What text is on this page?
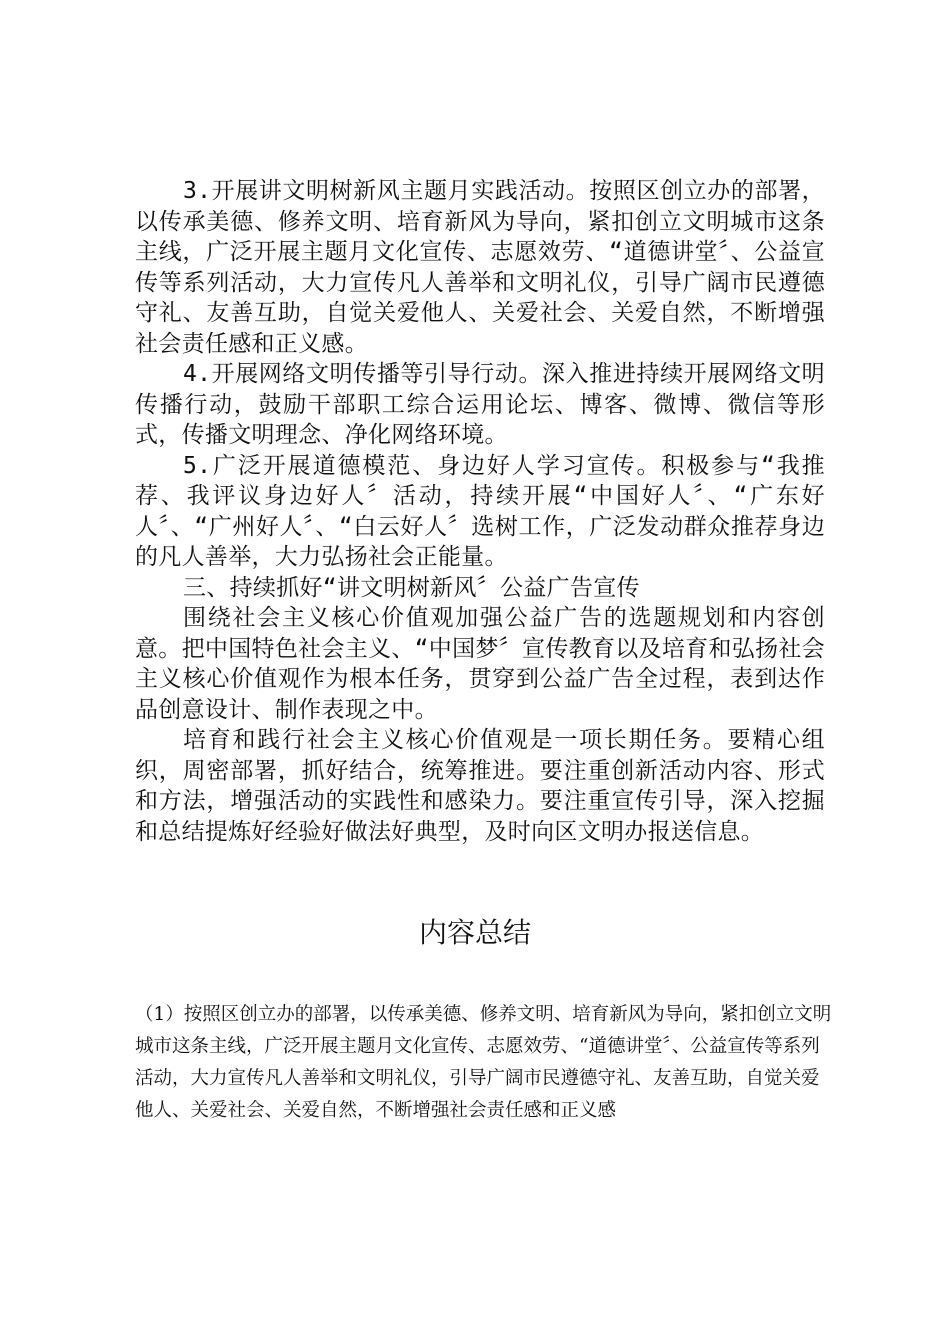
3.开展讲文明树新风主题月实践活动。按照区创立办的部署，以传承美德、修养文明、培育新风为导向，紧扣创立文明城市这条主线，广泛开展主题月文化宣传、志愿效劳、“道德讲堂〞、公益宣传等系列活动，大力宣传凡人善举和文明礼仪，引导广阔市民遵德守礼、友善互助，自觉关爱他人、关爱社会、关爱自然，不断增强社会责任感和正义感。

4.开展网络文明传播等引导行动。深入推进持续开展网络文明传播行动，鼓励干部职工综合运用论坛、博客、微博、微信等形式，传播文明理念、净化网络环境。

5.广泛开展道德模范、身边好人学习宣传。积极参与“我推荐、我评议身边好人〞活动，持续开展“中国好人〞、“广东好人〞、“广州好人〞、“白云好人〞选树工作，广泛发动群众推荐身边的凡人善举，大力弘扬社会正能量。

三、持续抓好“讲文明树新风〞公益广告宣传

围绕社会主义核心价值观加强公益广告的选题规划和内容创意。把中国特色社会主义、“中国梦〞宣传教育以及培育和弘扬社会主义核心价值观作为根本任务，贯穿到公益广告全过程，表到达作品创意设计、制作表现之中。

培育和践行社会主义核心价值观是一项长期任务。要精心组织，周密部署，抓好结合，统筹推进。要注重创新活动内容、形式和方法，增强活动的实践性和感染力。要注重宣传引导，深入挖掘和总结提炼好经验好做法好典型，及时向区文明办报送信息。

内容总结

（1）按照区创立办的部署，以传承美德、修养文明、培育新风为导向，紧扣创立文明城市这条主线，广泛开展主题月文化宣传、志愿效劳、“道德讲堂〞、公益宣传等系列活动，大力宣传凡人善举和文明礼仪，引导广阔市民遵德守礼、友善互助，自觉关爱他人、关爱社会、关爱自然，不断增强社会责任感和正义感
